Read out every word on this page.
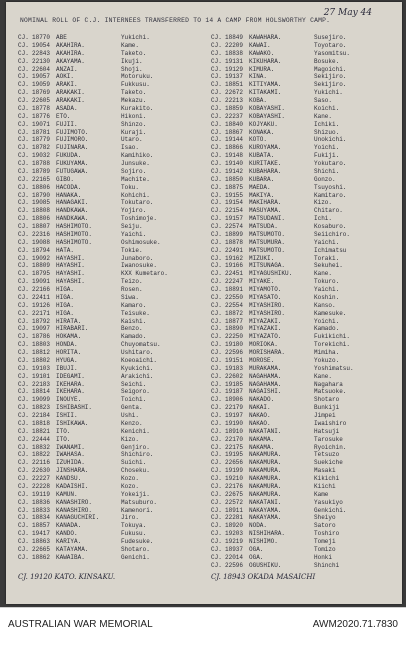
27 May 44
NOMINAL ROLL OF C.J. INTERNEES TRANSFERRED TO 14 A CAMP FROM HOLSWORTHY CAMP.
CJ. 18770 ABE	Yukichi.
CJ. 19054 AKAHIRA.	Kame.
CJ. 22843 AKAHIRA.	Taketo.
CJ. 22130 AKAYAMA.	Ikuji.
CJ. 22604 ANZAI.	Shoji.
CJ. 19057 AOKI.	Motoruku.
CJ. 19059 ARAKI.	Fukkusu.
CJ. 18769 ARAKAKI.	Taketo.
CJ. 22605 ARAKAKI.	Mekazu.
CJ. 18778 ASADA.	Kurakito.
CJ. 18776 ETO.	Hikoni.
CJ. 19071 FUJII.	Shinzo.
CJ. 18781 FUJIMOTO.	Kuraji.
CJ. 18779 FUJIMORO.	Utaro.
CJ. 18782 FUJINARA.	Isao.
CJ. 19032 FUKUDA.	Kamihiko.
CJ. 18788 FUKUYAMA.	Junsuke.
CJ. 18789 FUTUGAWA.	Sojiro.
CJ. 22165 GIBO.	Machite.
CJ. 18806 HACODA.	Toku.
CJ. 18790 HANAKA.	Kohichi.
CJ. 19085 HANAGAKI.	Tokutaro.
CJ. 18808 HANDKAWA.	Yojiro.
CJ. 18806 HANDKAWA.	Toshimoje.
CJ. 18807 HASHIMOTO.	Seiju.
CJ. 22316 HASHIMOTO.	Yaichi.
CJ. 19088 HASHIMOTO.	Oshimosuke.
CJ. 18794 HATA.	Tokie.
CJ. 19092 HAYASHI.	Junaboro.
CJ. 18809 HAYASHI.	Iwanosuke.
CJ. 18795 HAYASHI.	KXX Kumetaro.
CJ. 19091 HAYASHI.	Teizo.
CJ. 22166 HIGA.	Rosen.
CJ. 22411 HIGA.	Siwa.
CJ. 19126 HIGA.	Kamaro.
CJ. 22171 HIGA.	Teisuke.
CJ. 18792 HIRATA.	Kaishi.
CJ. 19097 HIRABARI.	Benzo.
CJ. 18786 HOKAMA.	Kamado.
CJ. 18803 HONDA.	Chuyomatsu.
CJ. 18812 HORITA.	Ushitaro.
CJ. 18802 HYUGA.	Koeoaichi.
CJ. 19103 IBUJI.	Kyukichi.
CJ. 19101 IDEGAMI.	Arakichi.
CJ. 22183 IKEHARA.	Seichi.
CJ. 18814 IKEHARA.	Seigoro.
CJ. 19099 INOUYE.	Toichi.
CJ. 18823 ISHIBASHI.	Genta.
CJ. 22184 ISHII.	Ushi.
CJ. 18818 ISHIKAWA.	Kenzo.
CJ. 18821 ITO.	Kenichi.
CJ. 22444 ITO.	Kizo.
CJ. 18832 IWANAMI.	Genjiro.
CJ. 18822 IWAHASA.	Shichiro.
CJ. 22116 IZUHIDA.	Suichi.
CJ. 22630 JINSHARA.	Choseku.
CJ. 22227 KANDSU.	Kozo.
CJ. 22228 KADAISHI.	Kozo.
CJ. 19119 KAMUN.	Yokeiji.
CJ. 18836 KANASHIRO.	Matsuburo.
CJ. 18833 KANASHIRO.	Kamenori.
CJ. 18834 KANAGUCHIRI.	Jiro.
CJ. 18857 KANADA.	Tokuya.
CJ. 19417 KANDO.	Fukusu.
CJ. 18863 KARIYA.	Fudesuke.
CJ. 22665 KATAYAMA.	Shotaro.
CJ. 18862 KAWAIBA.	Genichi.
CJ. 18849 KAWAHARA.	Susejiro.
CJ. 22209 KAWAI.	Toyotaro.
CJ. 18838 KAWAKO.	Yasomitsu.
CJ. 19131 KIKUHARA.	Bosuke.
CJ. 19129 KIMURA.	Magoichi.
CJ. 19137 KINA.	Sekijiro.
CJ. 18851 KITIYAMA.	Sekijiro.
CJ. 22672 KITAKAMI.	Yukichi.
CJ. 22213 KOBA.	Saso.
CJ. 18859 KOBAYASHI.	Koichi.
CJ. 22237 KOBAYASHI.	Kane.
CJ. 18840 KOJYAKU.	Ichiki.
CJ. 18867 KONAKA.	Shizuo.
CJ. 19144 KOTO.	Unokichi.
CJ. 18866 KUROYAMA.	Yoichi.
CJ. 19148 KUBATA.	Fukiji.
CJ. 19140 KURITAKE.	Yokutaro.
CJ. 19142 KUBAHARA.	Shichi.
CJ. 18850 KUBARA.	Gonzo.
CJ. 18875 MAEDA.	Tsuyoshi.
CJ. 19155 MAKIYA.	Kamitaro.
CJ. 19154 MAKIHARA.	Kizo.
CJ. 22154 MASUYAMA.	Chitaro.
CJ. 19157 MATSUDANI.	Ichi.
CJ. 22574 MATSUDA.	Kosaburo.
CJ. 18899 MATSUMOTO.	Seiichiro.
CJ. 18878 MATSUMURA.	Yaichi.
CJ. 22491 MATSUMOTO.	Ichimatsu
CJ. 19162 MIZUKI.	Toraki.
CJ. 19166 MITSUNAGA.	Sekuhei.
CJ. 22451 MIYAGUSHIKU.	Kane.
CJ. 22247 MIYAKE.	Tokuro.
CJ. 18891 MIYAMOTO.	Yaichi.
CJ. 22550 MIYASATO.	Koshin.
CJ. 22554 MIYASHIRO.	Kanso.
CJ. 18872 MIYASHIRO.	Kamesuke.
CJ. 18877 MIYAZAKI.	Yoichi.
CJ. 18890 MIYAZAKI.	Kamado.
CJ. 22250 MIYAZATO.	Fukikichi.
CJ. 19180 MORIOKA.	Torekichi.
CJ. 22596 MORISHARA.	Mimiha.
CJ. 19151 MOROSE.	Yokuzo.
CJ. 19183 MURAKAMA.	Yoshimatsu.
CJ. 22602 NAGAHAMA.	Kane.
CJ. 19185 NAGAHAMA.	Nagahara
CJ. 19187 NAGAISHI.	Matsuoke.
CJ. 18906 NAKADO.	Shotaro
CJ. 22179 NAKAI.	Bunkiji
CJ. 19197 NAKAO.	Jimpei
CJ. 19190 NAKAO.	Iwaishiro
CJ. 18910 NAKATANI.	Hatsuji
CJ. 22170 NAKAMA.	Tarosuke
CJ. 22175 NAKAMA.	Ryoichin.
CJ. 19195 NAKAMURA.	Tetsuzo
CJ. 22656 NAKAMURA.	Suekiche
CJ. 19199 NAKAMURA.	Masaki
CJ. 19210 NAKAMURA.	Kikichi
CJ. 22176 NAKAMURA.	Kiichi
CJ. 22675 NAKAMURA.	Kame
CJ. 22572 NAKATANI.	Yasukiyo
CJ. 18911 NAKAYAMA.	Genkichi.
CJ. 22281 NAKAYAMA.	Sheiyo
CJ. 18920 NODA.	Satoro
CJ. 19203 NISHIHARA.	Toshiro
CJ. 19219 NISHIMO.	Tomeji
CJ. 18937 OGA.	Tomizo
CJ. 22014 OGA.	Honki
CJ. 22596 OGUSHIKU.	Shinchi
CJ. 19120 KATO. KINSAKU.	CJ. 18943 OKADA MASAICHI
AUSTRALIAN WAR MEMORIAL	AWM2020.71.7830
